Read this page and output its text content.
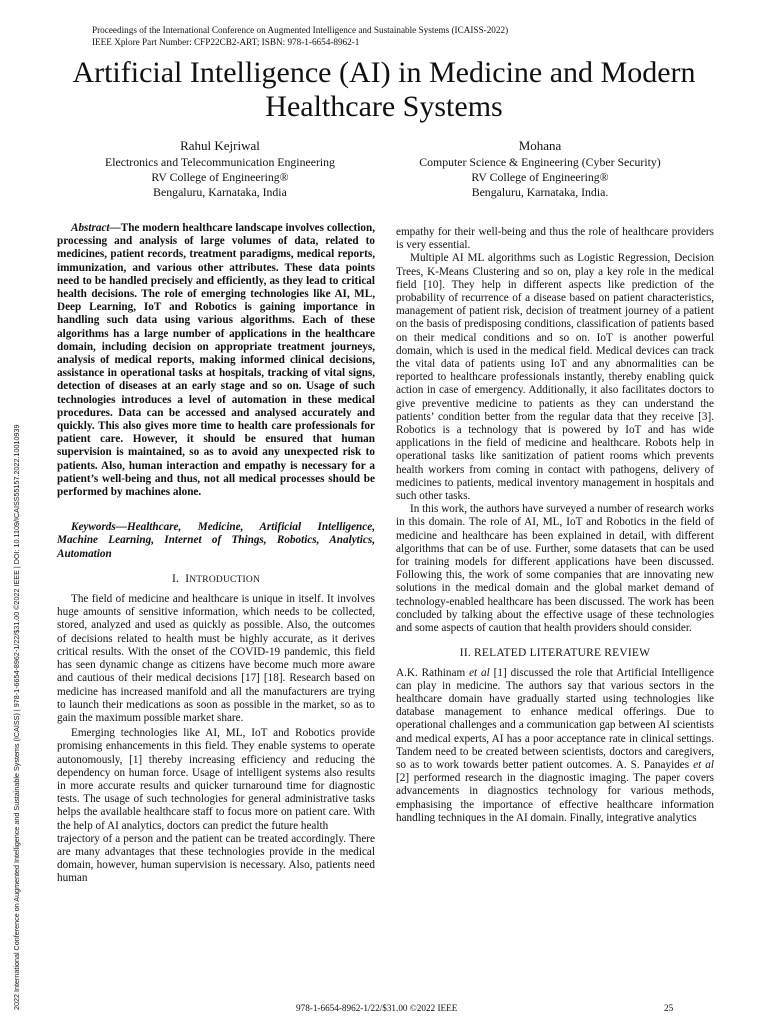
Proceedings of the International Conference on Augmented Intelligence and Sustainable Systems (ICAISS-2022)
IEEE Xplore Part Number: CFP22CB2-ART; ISBN: 978-1-6654-8962-1
Artificial Intelligence (AI) in Medicine and Modern Healthcare Systems
Rahul Kejriwal
Electronics and Telecommunication Engineering
RV College of Engineering®
Bengaluru, Karnataka, India
Mohana
Computer Science & Engineering (Cyber Security)
RV College of Engineering®
Bengaluru, Karnataka, India.
2022 International Conference on Augmented Intelligence and Sustainable Systems (ICAISS) | 978-1-6654-8962-1/22/$31.00 ©2022 IEEE | DOI: 10.1109/ICAISS55157.2022.10010939

Abstract—The modern healthcare landscape involves collection, processing and analysis of large volumes of data, related to medicines, patient records, treatment paradigms, medical reports, immunization, and various other attributes. These data points need to be handled precisely and efficiently, as they lead to critical health decisions. The role of emerging technologies like AI, ML, Deep Learning, IoT and Robotics is gaining importance in handling such data using various algorithms. Each of these algorithms has a large number of applications in the healthcare domain, including decision on appropriate treatment journeys, analysis of medical reports, making informed clinical decisions, assistance in operational tasks at hospitals, tracking of vital signs, detection of diseases at an early stage and so on. Usage of such technologies introduces a level of automation in these medical procedures. Data can be accessed and analysed accurately and quickly. This also gives more time to health care professionals for patient care. However, it should be ensured that human supervision is maintained, so as to avoid any unexpected risk to patients. Also, human interaction and empathy is necessary for a patient’s well-being and thus, not all medical processes should be performed by machines alone.

Keywords—Healthcare, Medicine, Artificial Intelligence, Machine Learning, Internet of Things, Robotics, Analytics, Automation

I. INTRODUCTION

The field of medicine and healthcare is unique in itself. It involves huge amounts of sensitive information, which needs to be collected, stored, analyzed and used as quickly as possible. Also, the outcomes of decisions related to health must be highly accurate, as it derives critical results. With the onset of the COVID-19 pandemic, this field has seen dynamic change as citizens have become much more aware and cautious of their medical decisions [17] [18]. Research based on medicine has increased manifold and all the manufacturers are trying to launch their medications as soon as possible in the market, so as to gain the maximum possible market share.

Emerging technologies like AI, ML, IoT and Robotics provide promising enhancements in this field. They enable systems to operate autonomously, [1] thereby increasing efficiency and reducing the dependency on human force. Usage of intelligent systems also results in more accurate results and quicker turnaround time for diagnostic tests. The usage of such technologies for general administrative tasks helps the available healthcare staff to focus more on patient care. With the help of AI analytics, doctors can predict the future health

trajectory of a person and the patient can be treated accordingly. There are many advantages that these technologies provide in the medical domain, however, human supervision is necessary. Also, patients need human

empathy for their well-being and thus the role of healthcare providers is very essential.

Multiple AI ML algorithms such as Logistic Regression, Decision Trees, K-Means Clustering and so on, play a key role in the medical field [10]. They help in different aspects like prediction of the probability of recurrence of a disease based on patient characteristics, management of patient risk, decision of treatment journey of a patient on the basis of predisposing conditions, classification of patients based on their medical conditions and so on. IoT is another powerful domain, which is used in the medical field. Medical devices can track the vital data of patients using IoT and any abnormalities can be reported to healthcare professionals instantly, thereby enabling quick action in case of emergency. Additionally, it also facilitates doctors to give preventive medicine to patients as they can understand the patients’ condition better from the regular data that they receive [3]. Robotics is a technology that is powered by IoT and has wide applications in the field of medicine and healthcare. Robots help in operational tasks like sanitization of patient rooms which prevents health workers from coming in contact with pathogens, delivery of medicines to patients, medical inventory management in hospitals and such other tasks.

In this work, the authors have surveyed a number of research works in this domain. The role of AI, ML, IoT and Robotics in the field of medicine and healthcare has been explained in detail, with different algorithms that can be of use. Further, some datasets that can be used for training models for different applications have been discussed. Following this, the work of some companies that are innovating new solutions in the medical domain and the global market demand of technology-enabled healthcare has been discussed. The work has been concluded by talking about the effective usage of these technologies and some aspects of caution that health providers should consider.

II. RELATED LITERATURE REVIEW

A.K. Rathinam et al [1] discussed the role that Artificial Intelligence can play in medicine. The authors say that various sectors in the healthcare domain have gradually started using technologies like database management to enhance medical offerings. Due to operational challenges and a communication gap between AI scientists and medical experts, AI has a poor acceptance rate in clinical settings. Tandem need to be created between scientists, doctors and caregivers, so as to work towards better patient outcomes. A. S. Panayides et al [2] performed research in the diagnostic imaging. The paper covers advancements in diagnostics technology for various methods, emphasising the importance of effective healthcare information handling techniques in the AI domain. Finally, integrative analytics

978-1-6654-8962-1/22/$31.00 ©2022 IEEE	25
